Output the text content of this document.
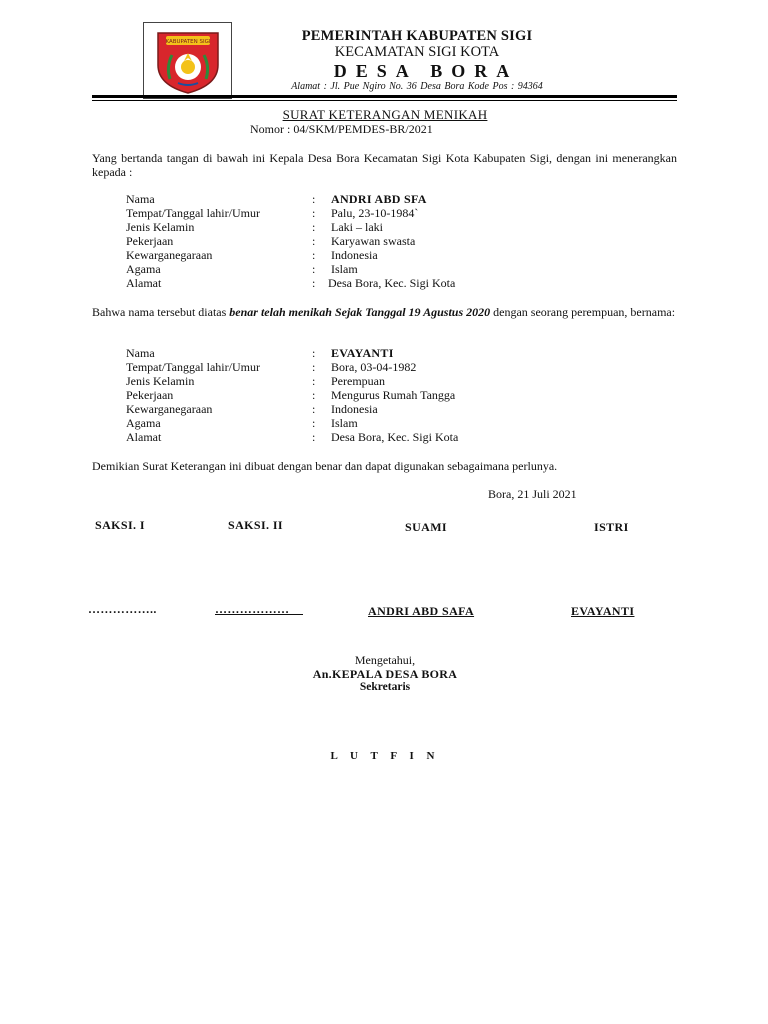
KABUPATEN SIGI	PEMERINTAH KABUPATEN SIGI
KECAMATAN SIGI KOTA
DESA BORA
Alamat : Jl. Pue Ngiro No. 36 Desa Bora Kode Pos : 94364
SURAT KETERANGAN MENIKAH
Nomor : 04/SKM/PEMDES-BR/2021
Yang bertanda tangan di bawah ini Kepala Desa Bora Kecamatan Sigi Kota Kabupaten Sigi, dengan ini menerangkan kepada :
Nama	: ANDRI ABD SFA
Tempat/Tanggal lahir/Umur	: Palu, 23-10-1984`
Jenis Kelamin	: Laki – laki
Pekerjaan	: Karyawan swasta
Kewarganegaraan	: Indonesia
Agama	: Islam
Alamat	: Desa Bora, Kec. Sigi Kota
Bahwa nama tersebut diatas benar telah menikah Sejak Tanggal 19 Agustus 2020 dengan seorang perempuan, bernama:
Nama	: EVAYANTI
Tempat/Tanggal lahir/Umur	: Bora, 03-04-1982
Jenis Kelamin	: Perempuan
Pekerjaan	: Mengurus Rumah Tangga
Kewarganegaraan	: Indonesia
Agama	: Islam
Alamat	: Desa Bora, Kec. Sigi Kota
Demikian Surat Keterangan ini dibuat dengan benar dan dapat digunakan sebagaimana perlunya.
Bora, 21 Juli 2021
SAKSI. I	SAKSI. II	SUAMI	ISTRI
……………..	………………	ANDRI ABD SAFA	EVAYANTI
Mengetahui,
An.KEPALA DESA BORA
Sekretaris
L U T F I N
